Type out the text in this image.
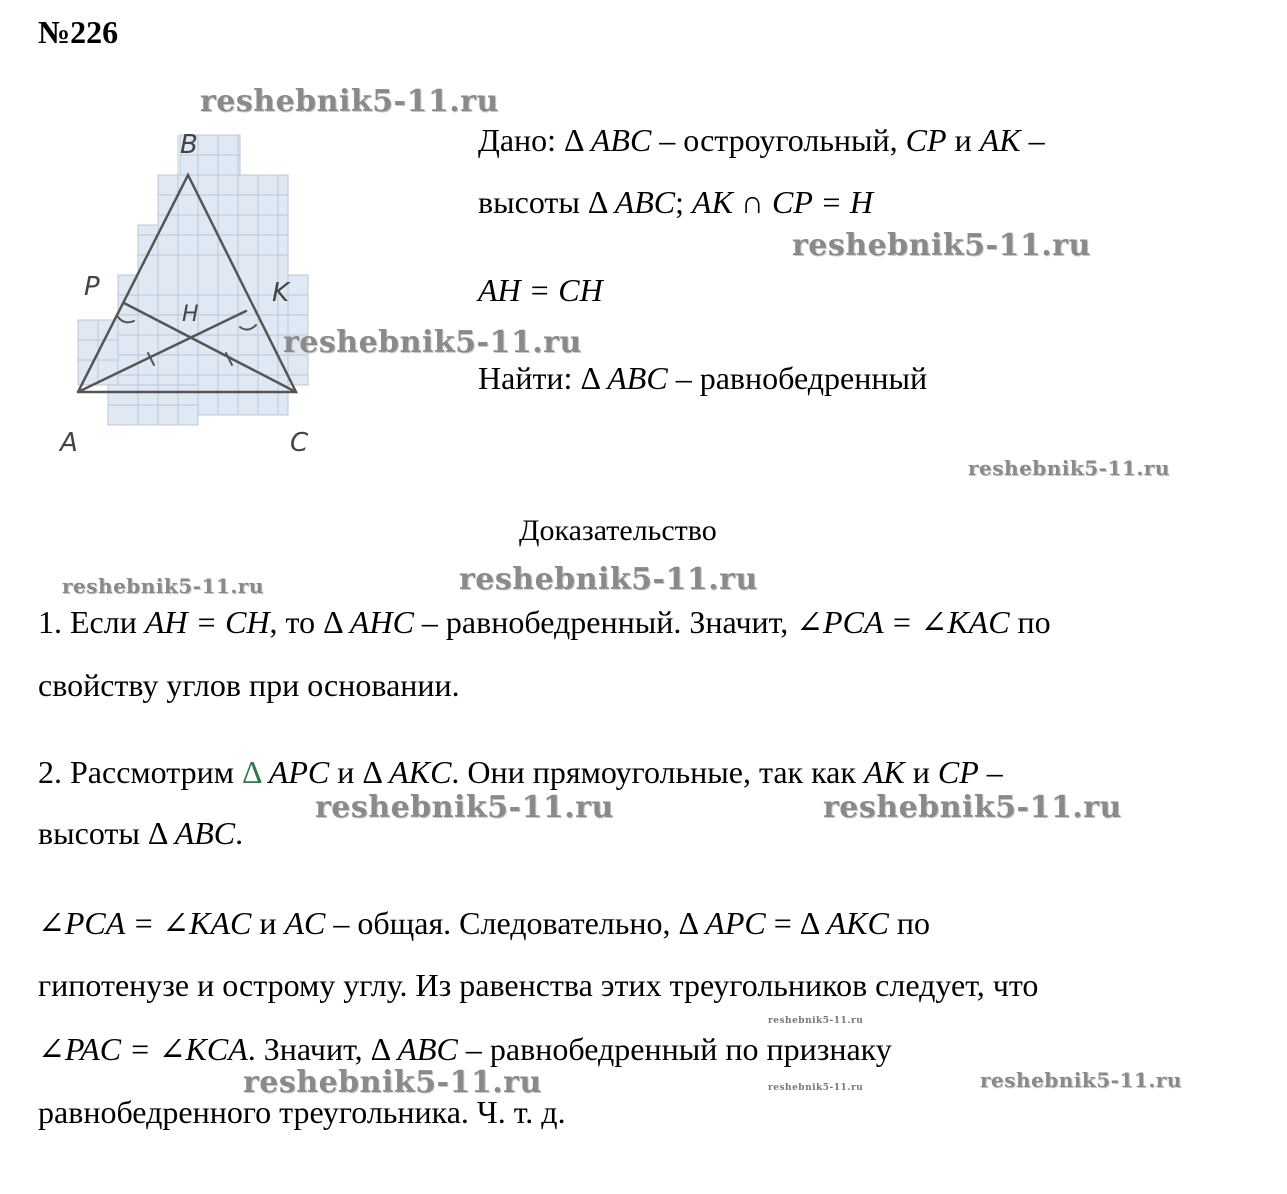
№226
B
A	C
P	K
H
Дано: Δ ABC – остроугольный, CP и AK –
высоты Δ ABC; AK ∩ CP = H
AH = CH
Найти: Δ ABC – равнобедренный
Доказательство
1. Если AH = CH, то Δ AHC – равнобедренный. Значит, ∠PCA = ∠KAC по
свойству углов при основании.
2. Рассмотрим Δ APC и Δ AKC. Они прямоугольные, так как AK и CP –
высоты Δ ABC.
∠PCA = ∠KAC и AC – общая. Следовательно, Δ APC = Δ AKC по
гипотенузе и острому углу. Из равенства этих треугольников следует, что
∠PAC = ∠KCA. Значит, Δ ABC – равнобедренный по признаку
равнобедренного треугольника. Ч. т. д.
reshebnik5-11.ru
reshebnik5-11.ru
reshebnik5-11.ru
reshebnik5-11.ru
reshebnik5-11.ru	reshebnik5-11.ru
reshebnik5-11.ru	reshebnik5-11.ru
reshebnik5-11.ru
reshebnik5-11.ru	reshebnik5-11.ru	reshebnik5-11.ru
